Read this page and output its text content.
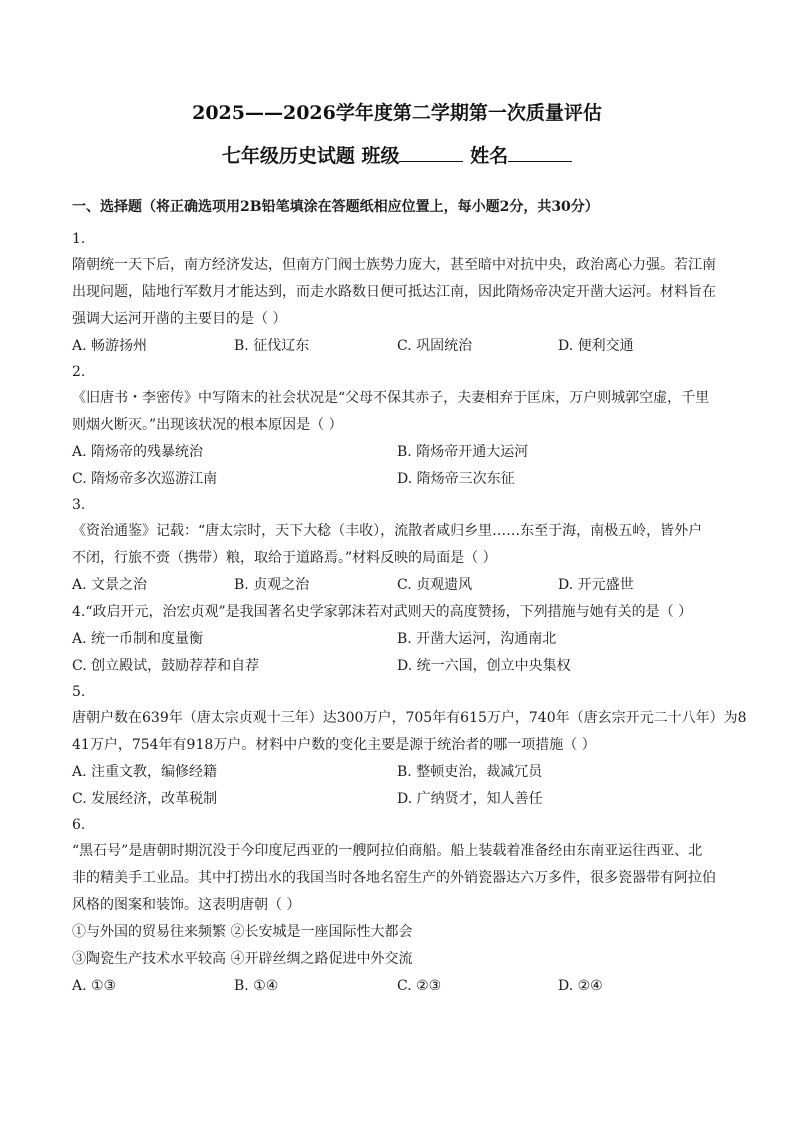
2025——2026学年度第二学期第一次质量评估
七年级历史试题 班级	姓名
一、选择题（将正确选项用2B铅笔填涂在答题纸相应位置上，每小题2分，共30分）
1.
隋朝统一天下后，南方经济发达，但南方门阀士族势力庞大，甚至暗中对抗中央，政治离心力强。若江南
出现问题，陆地行军数月才能达到，而走水路数日便可抵达江南，因此隋炀帝决定开凿大运河。材料旨在
强调大运河开凿的主要目的是（ ）
A. 畅游扬州	B. 征伐辽东	C. 巩固统治	D. 便利交通
2.
《旧唐书・李密传》中写隋末的社会状况是“父母不保其赤子，夫妻相弃于匡床，万户则城郭空虚，千里
则烟火断灭。”出现该状况的根本原因是（ ）
A. 隋炀帝的残暴统治	B. 隋炀帝开通大运河
C. 隋炀帝多次巡游江南	D. 隋炀帝三次东征
3.
《资治通鉴》记载：“唐太宗时，天下大稔（丰收），流散者咸归乡里……东至于海，南极五岭，皆外户
不闭，行旅不赍（携带）粮，取给于道路焉。”材料反映的局面是（ ）
A. 文景之治	B. 贞观之治	C. 贞观遗风	D. 开元盛世
4.“政启开元，治宏贞观”是我国著名史学家郭沫若对武则天的高度赞扬，下列措施与她有关的是（ ）
A. 统一币制和度量衡	B. 开凿大运河，沟通南北
C. 创立殿试，鼓励荐荐和自荐	D. 统一六国，创立中央集权
5.
唐朝户数在639年（唐太宗贞观十三年）达300万户，705年有615万户，740年（唐玄宗开元二十八年）为8
41万户，754年有918万户。材料中户数的变化主要是源于统治者的哪一项措施（ ）
A. 注重文教，编修经籍	B. 整顿吏治，裁减冗员
C. 发展经济，改革税制	D. 广纳贤才，知人善任
6.
“黑石号”是唐朝时期沉没于今印度尼西亚的一艘阿拉伯商船。船上装载着准备经由东南亚运往西亚、北
非的精美手工业品。其中打捞出水的我国当时各地名窑生产的外销瓷器达六万多件，很多瓷器带有阿拉伯
风格的图案和装饰。这表明唐朝（ ）
①与外国的贸易往来频繁 ②长安城是一座国际性大都会
③陶瓷生产技术水平较高 ④开辟丝绸之路促进中外交流
A. ①③	B. ①④	C. ②③	D. ②④
